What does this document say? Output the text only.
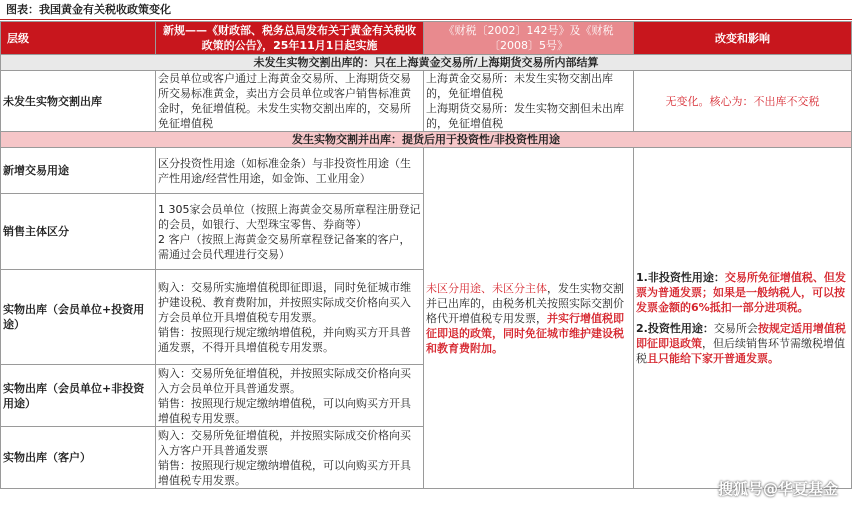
图表：我国黄金有关税收政策变化
层级	新规——《财政部、税务总局发布关于黄金有关税收政策的公告》，25年11月1日起实施	《财税〔2002〕142号》及《财税〔2008〕5号》	改变和影响
未发生实物交割出库的：只在上海黄金交易所/上海期货交易所内部结算			
未发生实物交割出库	会员单位或客户通过上海黄金交易所、上海期货交易所交易标准黄金，卖出方会员单位或客户销售标准黄金时，免征增值税。未发生实物交割出库的，交易所免征增值税	上海黄金交易所：未发生实物交割出库的，免征增值税
上海期货交易所：发生实物交割但未出库的，免征增值税	无变化。核心为：不出库不交税
发生实物交割并出库：提货后用于投资性/非投资性用途			
新增交易用途	区分投资性用途（如标准金条）与非投资性用途（生产性用途/经营性用途，如金饰、工业用金）	未区分用途、未区分主体，发生实物交割并已出库的，由税务机关按照实际交割价格代开增值税专用发票，并实行增值税即征即退的政策，同时免征城市维护建设税和教育费附加。	1.非投资性用途：交易所免征增值税、但发票为普通发票；如果是一般纳税人，可以按发票金额的6%抵扣一部分进项税。
2.投资性用途：交易所会按规定适用增值税即征即退政策，但后续销售环节需缴税增值税且只能给下家开普通发票。

销售主体区分	1 305家会员单位（按照上海黄金交易所章程注册登记的会员，如银行、大型珠宝零售、券商等）
2 客户（按照上海黄金交易所章程登记备案的客户，需通过会员代理进行交易）		
实物出库（会员单位+投资用途）	购入：交易所实施增值税即征即退，同时免征城市维护建设税、教育费附加，并按照实际成交价格向买入方会员单位开具增值税专用发票。
销售：按照现行规定缴纳增值税，并向购买方开具普通发票，不得开具增值税专用发票。		
实物出库（会员单位+非投资用途）	购入：交易所免征增值税，并按照实际成交价格向买入方会员单位开具普通发票。
销售：按照现行规定缴纳增值税，可以向购买方开具增值税专用发票。		
实物出库（客户）	购入：交易所免征增值税，并按照实际成交价格向买入方客户开具普通发票
销售：按照现行规定缴纳增值税，可以向购买方开具增值税专用发票。			搜狐号@华夏基金
